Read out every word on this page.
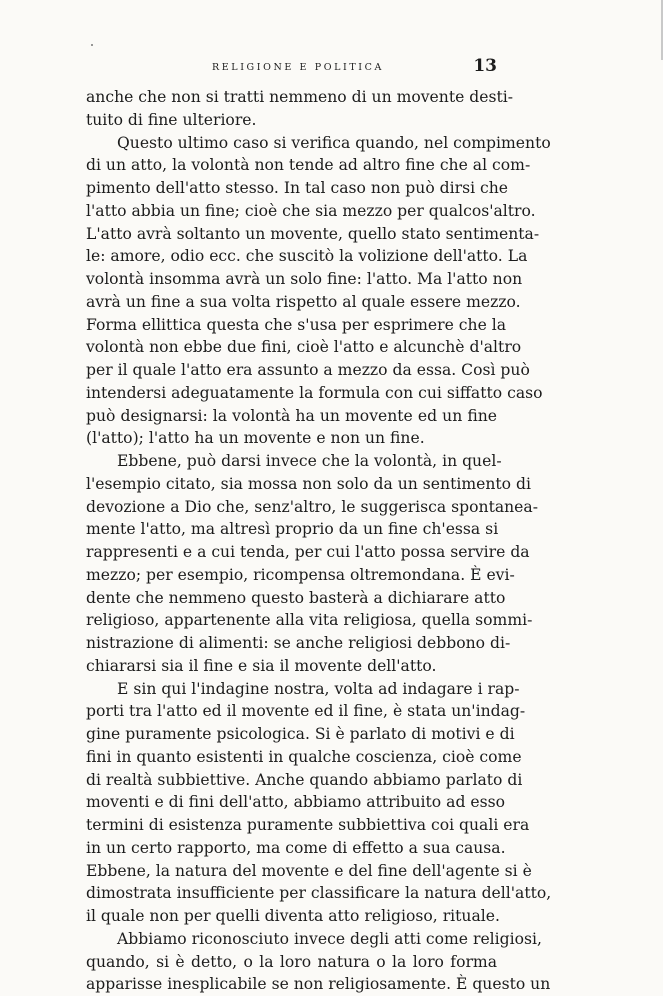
RELIGIONE E POLITICA	13
anche che non si tratti nemmeno di un movente desti-
tuito di fine ulteriore.
Questo ultimo caso si verifica quando, nel compimento
di un atto, la volontà non tende ad altro fine che al com-
pimento dell'atto stesso. In tal caso non può dirsi che
l'atto abbia un fine; cioè che sia mezzo per qualcos'altro.
L'atto avrà soltanto un movente, quello stato sentimenta-
le: amore, odio ecc. che suscitò la volizione dell'atto. La
volontà insomma avrà un solo fine: l'atto. Ma l'atto non
avrà un fine a sua volta rispetto al quale essere mezzo.
Forma ellittica questa che s'usa per esprimere che la
volontà non ebbe due fini, cioè l'atto e alcunchè d'altro
per il quale l'atto era assunto a mezzo da essa. Così può
intendersi adeguatamente la formula con cui siffatto caso
può designarsi: la volontà ha un movente ed un fine
(l'atto); l'atto ha un movente e non un fine.
Ebbene, può darsi invece che la volontà, in quel-
l'esempio citato, sia mossa non solo da un sentimento di
devozione a Dio che, senz'altro, le suggerisca spontanea-
mente l'atto, ma altresì proprio da un fine ch'essa si
rappresenti e a cui tenda, per cui l'atto possa servire da
mezzo; per esempio, ricompensa oltremondana. È evi-
dente che nemmeno questo basterà a dichiarare atto
religioso, appartenente alla vita religiosa, quella sommi-
nistrazione di alimenti: se anche religiosi debbono di-
chiararsi sia il fine e sia il movente dell'atto.
E sin qui l'indagine nostra, volta ad indagare i rap-
porti tra l'atto ed il movente ed il fine, è stata un'indag-
gine puramente psicologica. Si è parlato di motivi e di
fini in quanto esistenti in qualche coscienza, cioè come
di realtà subbiettive. Anche quando abbiamo parlato di
moventi e di fini dell'atto, abbiamo attribuito ad esso
termini di esistenza puramente subbiettiva coi quali era
in un certo rapporto, ma come di effetto a sua causa.
Ebbene, la natura del movente e del fine dell'agente si è
dimostrata insufficiente per classificare la natura dell'atto,
il quale non per quelli diventa atto religioso, rituale.
Abbiamo riconosciuto invece degli atti come religiosi,
quando, si è detto, o la loro natura o la loro forma
apparisse inesplicabile se non religiosamente. È questo un
